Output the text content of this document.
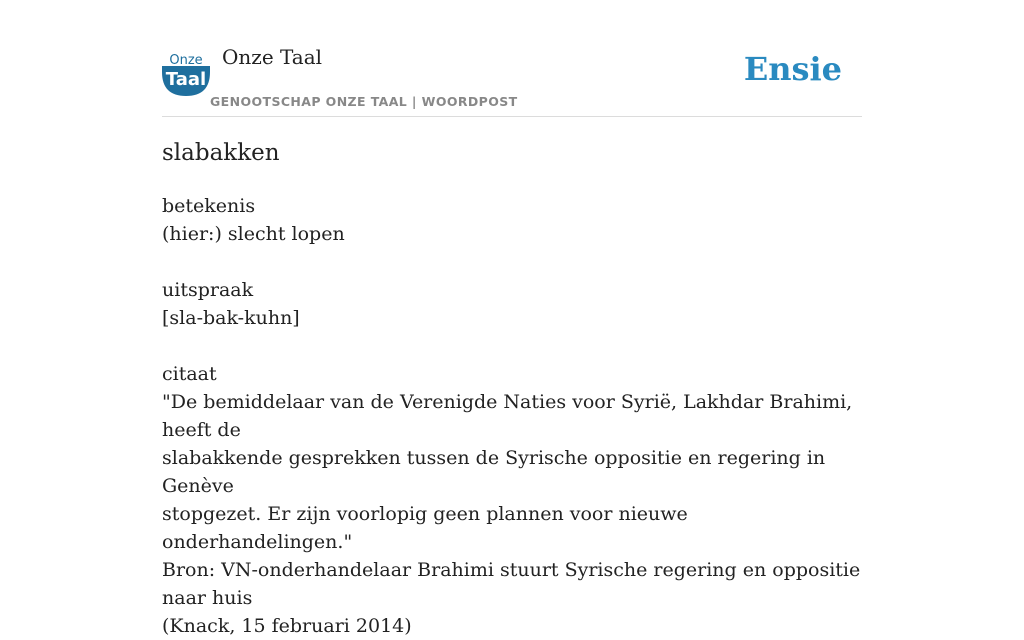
Onze
Taal
Onze Taal
GENOOTSCHAP ONZE TAAL | WOORDPOST
Ensie
slabakken

betekenis

(hier:) slecht lopen

uitspraak

[sla-bak-kuhn]

citaat

"De bemiddelaar van de Verenigde Naties voor Syrië, Lakhdar Brahimi, heeft de

slabakkende gesprekken tussen de Syrische oppositie en regering in Genève

stopgezet. Er zijn voorlopig geen plannen voor nieuwe onderhandelingen."

Bron: VN-onderhandelaar Brahimi stuurt Syrische regering en oppositie naar huis

(Knack, 15 februari 2014)
